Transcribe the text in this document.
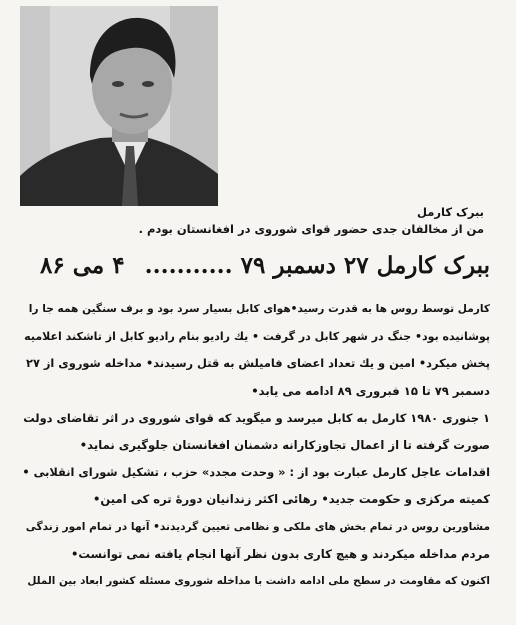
ببرک کارمل
من از مخالفان جدی حضور قوای شوروی در افغانستان بودم .
ببرک کارمل ۲۷ دسمبر ۷۹ ...........
۴ می ۸۶

کارمل توسط روس ها به قدرت رسید•هوای کابل بسیار سرد بود و برف سنگین همه جا را

پوشانیده بود• جنگ در شهر کابل در گرفت • یك رادیو بنام رادیو کابل از تاشکند اعلامیه

پخش میکرد• امین و یك تعداد اعضای فامیلش به قتل رسیدند• مداخله شوروی از ۲۷

دسمبر ۷۹ تا ۱۵ فبروری ۸۹ ادامه می یابد•

۱ جنوری ۱۹۸۰ کارمل به کابل میرسد و میگوید که قوای شوروی در اثر تقاضای دولت

صورت گرفته تا از اعمال تجاوزکارانه دشمنان افغانستان جلوگیری نماید•

اقدامات عاجل کارمل عبارت بود از : « وحدت مجدد» حزب ، تشکیل شورای انقلابی •

کمیته مرکزی و حکومت جدید• رهائی اکثر زندانیان دورهٔ تره کی امین•

مشاورین روس در تمام بخش های ملکی و نظامی تعیین گردیدند• آنها در تمام امور زندگی

مردم مداخله میکردند و هیچ کاری بدون نظر آنها انجام یافته نمی توانست•

اکنون که مقاومت در سطح ملی ادامه داشت با مداخله شوروی مسئله کشور ابعاد بین الملل
